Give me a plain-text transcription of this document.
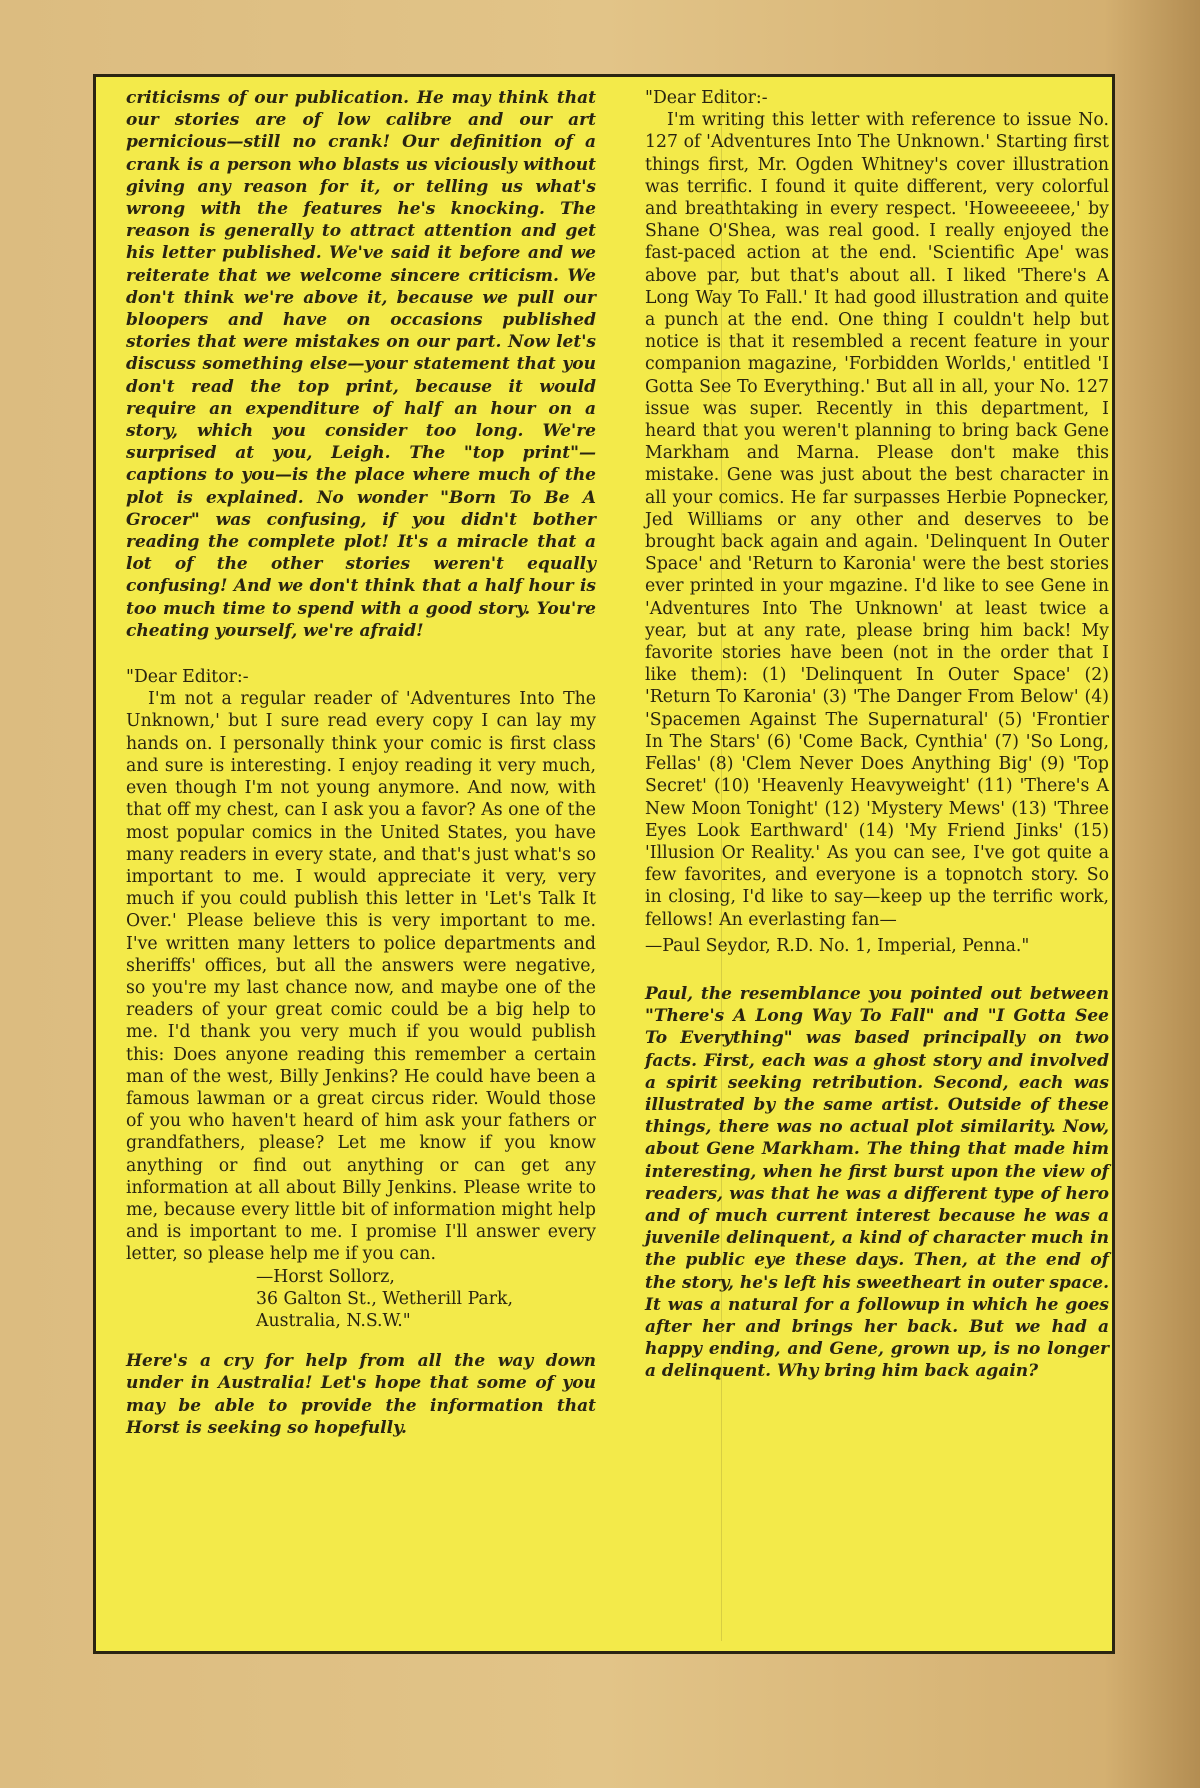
criticisms of our publication. He may think that our stories are of low calibre and our art pernicious—still no crank! Our definition of a crank is a person who blasts us viciously without giving any reason for it, or telling us what's wrong with the features he's knocking. The reason is generally to attract attention and get his letter published. We've said it before and we reiterate that we welcome sincere criticism. We don't think we're above it, because we pull our bloopers and have on occasions published stories that were mistakes on our part. Now let's discuss something else—your statement that you don't read the top print, because it would require an expenditure of half an hour on a story, which you consider too long. We're surprised at you, Leigh. The "top print"—captions to you—is the place where much of the plot is explained. No wonder "Born To Be A Grocer" was confusing, if you didn't bother reading the complete plot! It's a miracle that a lot of the other stories weren't equally confusing! And we don't think that a half hour is too much time to spend with a good story. You're cheating yourself, we're afraid!

"Dear Editor:-

I'm not a regular reader of 'Adventures Into The Unknown,' but I sure read every copy I can lay my hands on. I personally think your comic is first class and sure is interesting. I enjoy reading it very much, even though I'm not young anymore. And now, with that off my chest, can I ask you a favor? As one of the most popular comics in the United States, you have many readers in every state, and that's just what's so important to me. I would appreciate it very, very much if you could publish this letter in 'Let's Talk It Over.' Please believe this is very important to me. I've written many letters to police departments and sheriffs' offices, but all the answers were negative, so you're my last chance now, and maybe one of the readers of your great comic could be a big help to me. I'd thank you very much if you would publish this: Does anyone reading this remember a certain man of the west, Billy Jenkins? He could have been a famous lawman or a great circus rider. Would those of you who haven't heard of him ask your fathers or grandfathers, please? Let me know if you know anything or find out anything or can get any information at all about Billy Jenkins. Please write to me, because every little bit of information might help and is important to me. I promise I'll answer every letter, so please help me if you can.

—Horst Sollorz,

36 Galton St., Wetherill Park,

Australia, N.S.W."

Here's a cry for help from all the way down under in Australia! Let's hope that some of you may be able to provide the information that Horst is seeking so hopefully.

"Dear Editor:-

I'm writing this letter with reference to issue No. 127 of 'Adventures Into The Unknown.' Starting first things first, Mr. Ogden Whitney's cover illustration was terrific. I found it quite different, very colorful and breathtaking in every respect. 'Howeeeeee,' by Shane O'Shea, was real good. I really enjoyed the fast-paced action at the end. 'Scientific Ape' was above par, but that's about all. I liked 'There's A Long Way To Fall.' It had good illustration and quite a punch at the end. One thing I couldn't help but notice is that it resembled a recent feature in your companion magazine, 'Forbidden Worlds,' entitled 'I Gotta See To Everything.' But all in all, your No. 127 issue was super. Recently in this department, I heard that you weren't planning to bring back Gene Markham and Marna. Please don't make this mistake. Gene was just about the best character in all your comics. He far surpasses Herbie Popnecker, Jed Williams or any other and deserves to be brought back again and again. 'Delinquent In Outer Space' and 'Return to Karonia' were the best stories ever printed in your mgazine. I'd like to see Gene in 'Adventures Into The Unknown' at least twice a year, but at any rate, please bring him back! My favorite stories have been (not in the order that I like them): (1) 'Delinquent In Outer Space' (2) 'Return To Karonia' (3) 'The Danger From Below' (4) 'Spacemen Against The Supernatural' (5) 'Frontier In The Stars' (6) 'Come Back, Cynthia' (7) 'So Long, Fellas' (8) 'Clem Never Does Anything Big' (9) 'Top Secret' (10) 'Heavenly Heavyweight' (11) 'There's A New Moon Tonight' (12) 'Mystery Mews' (13) 'Three Eyes Look Earthward' (14) 'My Friend Jinks' (15) 'Illusion Or Reality.' As you can see, I've got quite a few favorites, and everyone is a topnotch story. So in closing, I'd like to say—keep up the terrific work, fellows! An everlasting fan—

—Paul Seydor, R.D. No. 1, Imperial, Penna."

Paul, the resemblance you pointed out between "There's A Long Way To Fall" and "I Gotta See To Everything" was based principally on two facts. First, each was a ghost story and involved a spirit seeking retribution. Second, each was illustrated by the same artist. Outside of these things, there was no actual plot similarity. Now, about Gene Markham. The thing that made him interesting, when he first burst upon the view of readers, was that he was a different type of hero and of much current interest because he was a juvenile delinquent, a kind of character much in the public eye these days. Then, at the end of the story, he's left his sweetheart in outer space. It was a natural for a followup in which he goes after her and brings her back. But we had a happy ending, and Gene, grown up, is no longer a delinquent. Why bring him back again?
